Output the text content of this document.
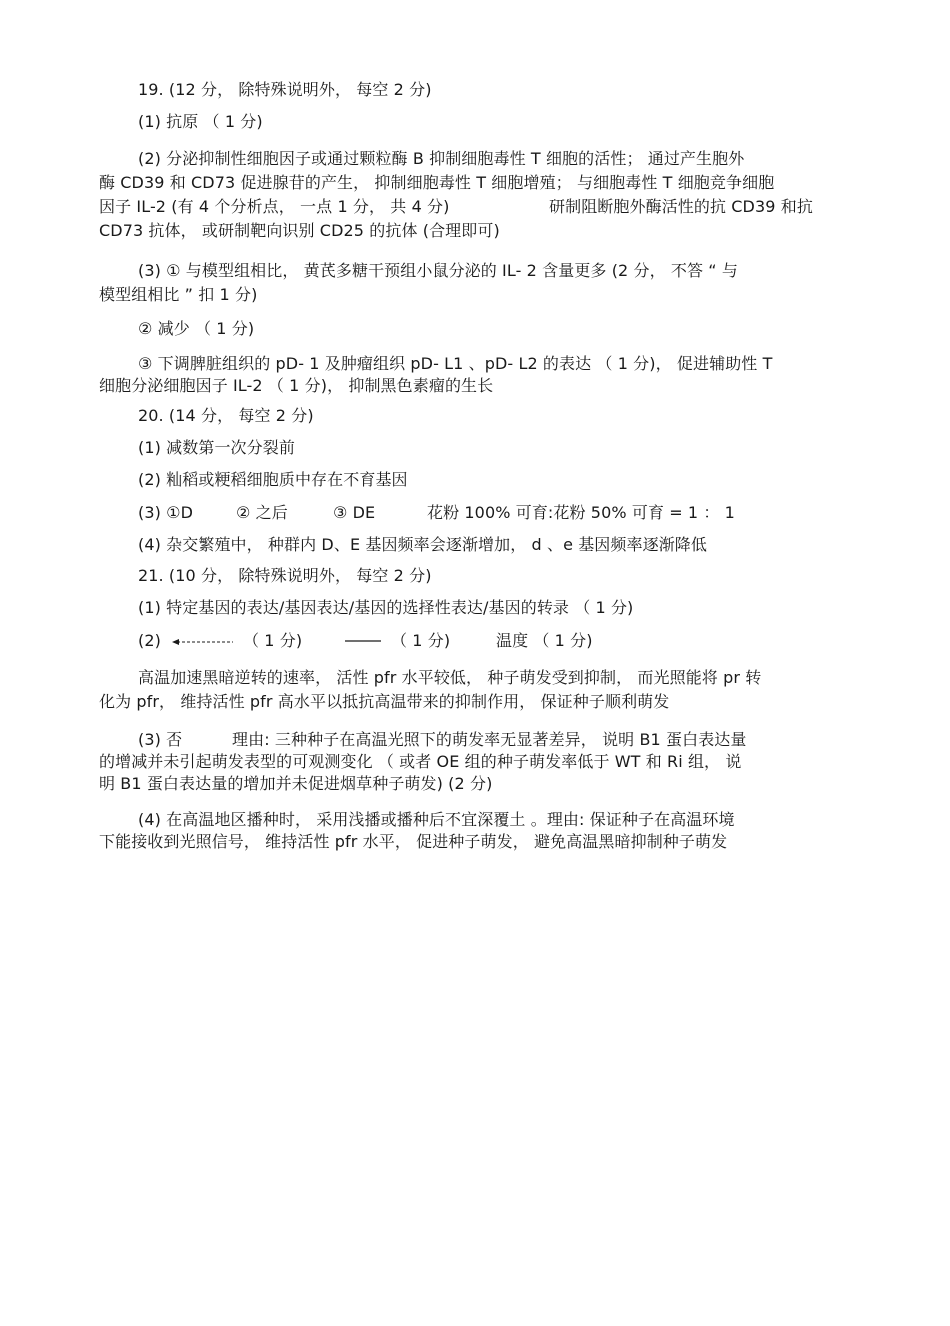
19. (12 分， 除特殊说明外， 每空 2 分)
(1) 抗原 （ 1 分)
(2) 分泌抑制性细胞因子或通过颗粒酶 B 抑制细胞毒性 T 细胞的活性； 通过产生胞外
酶 CD39 和 CD73 促进腺苷的产生， 抑制细胞毒性 T 细胞增殖； 与细胞毒性 T 细胞竞争细胞
因子 IL-2 (有 4 个分析点， 一点 1 分， 共 4 分)	研制阻断胞外酶活性的抗 CD39 和抗
CD73 抗体， 或研制靶向识别 CD25 的抗体 (合理即可)
(3) ① 与模型组相比， 黄芪多糖干预组小鼠分泌的 IL- 2 含量更多 (2 分， 不答 “ 与
模型组相比 ” 扣 1 分)
② 减少 （ 1 分)
③ 下调脾脏组织的 pD- 1 及肿瘤组织 pD- L1 、pD- L2 的表达 （ 1 分)， 促进辅助性 T
细胞分泌细胞因子 IL-2 （ 1 分)， 抑制黑色素瘤的生长
20. (14 分， 每空 2 分)
(1) 减数第一次分裂前
(2) 籼稻或粳稻细胞质中存在不育基因
(3) ①D	② 之后	③ DE	花粉 100% 可育:花粉 50% 可育 = 1 ： 1
(4) 杂交繁殖中， 种群内 D、E 基因频率会逐渐增加， d 、e 基因频率逐渐降低
21. (10 分， 除特殊说明外， 每空 2 分)
(1) 特定基因的表达/基因表达/基因的选择性表达/基因的转录 （ 1 分)
(2)	（ 1 分)	（ 1 分)	温度 （ 1 分)
高温加速黑暗逆转的速率， 活性 pfr 水平较低， 种子萌发受到抑制， 而光照能将 pr 转
化为 pfr， 维持活性 pfr 高水平以抵抗高温带来的抑制作用， 保证种子顺利萌发
(3) 否	理由: 三种种子在高温光照下的萌发率无显著差异， 说明 B1 蛋白表达量
的增减并未引起萌发表型的可观测变化 （ 或者 OE 组的种子萌发率低于 WT 和 Ri 组， 说
明 B1 蛋白表达量的增加并未促进烟草种子萌发) (2 分)
(4) 在高温地区播种时， 采用浅播或播种后不宜深覆土 。理由: 保证种子在高温环境
下能接收到光照信号， 维持活性 pfr 水平， 促进种子萌发， 避免高温黑暗抑制种子萌发
